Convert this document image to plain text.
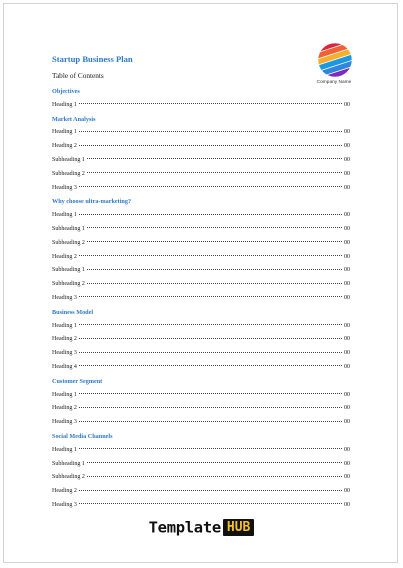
Startup Business Plan
Table of Contents
Company Name
Objectives
Heading 1	00
Market Analysis
Heading 1	00
Heading 2	00
Subheading 1	00
Subheading 2	00
Heading 3	00
Why choose ultra-marketing?
Heading 1	00
Subheading 1	00
Subheading 2	00
Heading 2	00
Subheading 1	00
Subheading 2	00
Heading 3	00
Business Model
Heading 1	00
Heading 2	00
Heading 3	00
Heading 4	00
Customer Segment
Heading 1	00
Heading 2	00
Heading 3	00
Social Media Channels
Heading 1	00
Subheading 1	00
Subheading 2	00
Heading 2	00
Heading 3	00
Template HUB
